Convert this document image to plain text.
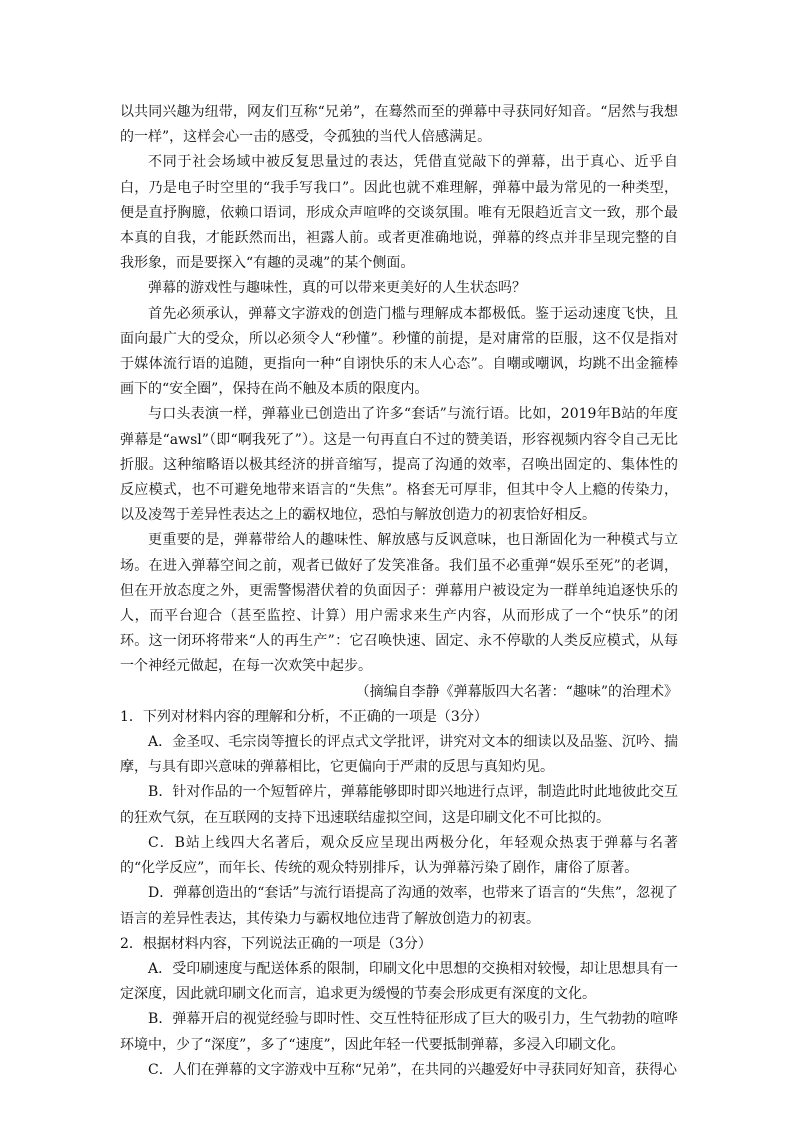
以共同兴趣为纽带，网友们互称“兄弟”，在蓦然而至的弹幕中寻获同好知音。“居然与我想的一样”，这样会心一击的感受，令孤独的当代人倍感满足。

不同于社会场域中被反复思量过的表达，凭借直觉敲下的弹幕，出于真心、近乎自白，乃是电子时空里的“我手写我口”。因此也就不难理解，弹幕中最为常见的一种类型，便是直抒胸臆，依赖口语词，形成众声喧哗的交谈氛围。唯有无限趋近言文一致，那个最本真的自我，才能跃然而出，袒露人前。或者更准确地说，弹幕的终点并非呈现完整的自我形象，而是要探入“有趣的灵魂”的某个侧面。

弹幕的游戏性与趣味性，真的可以带来更美好的人生状态吗？

首先必须承认，弹幕文字游戏的创造门槛与理解成本都极低。鉴于运动速度飞快，且面向最广大的受众，所以必须令人“秒懂”。秒懂的前提，是对庸常的臣服，这不仅是指对于媒体流行语的追随，更指向一种“自诩快乐的末人心态”。自嘲或嘲讽，均跳不出金箍棒画下的“安全圈”，保持在尚不触及本质的限度内。

与口头表演一样，弹幕业已创造出了许多“套话”与流行语。比如，2019年B站的年度弹幕是“awsl”（即“啊我死了”）。这是一句再直白不过的赞美语，形容视频内容令自己无比折服。这种缩略语以极其经济的拼音缩写，提高了沟通的效率，召唤出固定的、集体性的反应模式，也不可避免地带来语言的“失焦”。格套无可厚非，但其中令人上瘾的传染力，以及凌驾于差异性表达之上的霸权地位，恐怕与解放创造力的初衷恰好相反。

更重要的是，弹幕带给人的趣味性、解放感与反讽意味，也日渐固化为一种模式与立场。在进入弹幕空间之前，观者已做好了发笑准备。我们虽不必重弹“娱乐至死”的老调，但在开放态度之外，更需警惕潜伏着的负面因子：弹幕用户被设定为一群单纯追逐快乐的人，而平台迎合（甚至监控、计算）用户需求来生产内容，从而形成了一个“快乐”的闭环。这一闭环将带来“人的再生产”：它召唤快速、固定、永不停歇的人类反应模式，从每一个神经元做起，在每一次欢笑中起步。

（摘编自李静《弹幕版四大名著：“趣味”的治理术》

1．下列对材料内容的理解和分析，不正确的一项是（3分）

A．金圣叹、毛宗岗等擅长的评点式文学批评，讲究对文本的细读以及品鉴、沉吟、揣摩，与具有即兴意味的弹幕相比，它更偏向于严肃的反思与真知灼见。

B．针对作品的一个短暂碎片，弹幕能够即时即兴地进行点评，制造此时此地彼此交互的狂欢气氛，在互联网的支持下迅速联结虚拟空间，这是印刷文化不可比拟的。

C．B站上线四大名著后，观众反应呈现出两极分化，年轻观众热衷于弹幕与名著的“化学反应”，而年长、传统的观众特别排斥，认为弹幕污染了剧作，庸俗了原著。

D．弹幕创造出的“套话”与流行语提高了沟通的效率，也带来了语言的“失焦”，忽视了语言的差异性表达，其传染力与霸权地位违背了解放创造力的初衷。

2．根据材料内容，下列说法正确的一项是（3分）

A．受印刷速度与配送体系的限制，印刷文化中思想的交换相对较慢，却让思想具有一定深度，因此就印刷文化而言，追求更为缓慢的节奏会形成更有深度的文化。

B．弹幕开启的视觉经验与即时性、交互性特征形成了巨大的吸引力，生气勃勃的喧哗环境中，少了“深度”，多了“速度”，因此年轻一代要抵制弹幕，多浸入印刷文化。

C．人们在弹幕的文字游戏中互称“兄弟”，在共同的兴趣爱好中寻获同好知音，获得心
